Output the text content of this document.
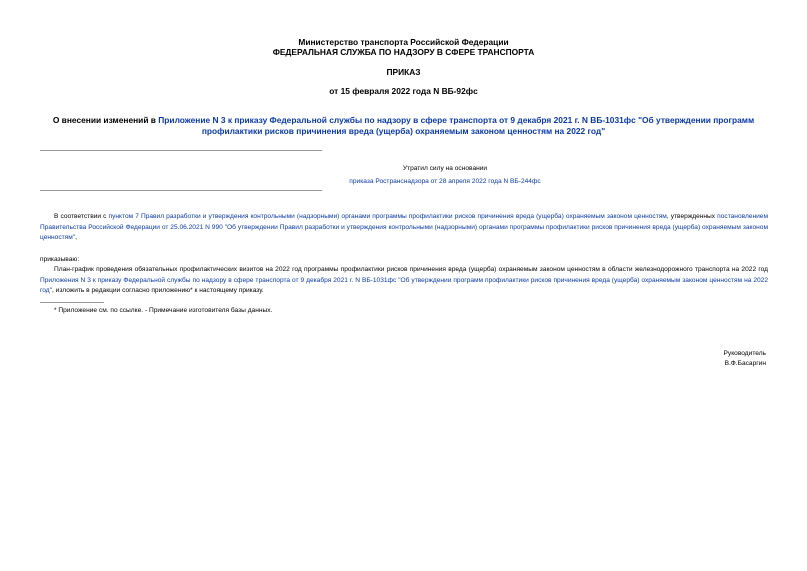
Министерство транспорта Российской Федерации
ФЕДЕРАЛЬНАЯ СЛУЖБА ПО НАДЗОРУ В СФЕРЕ ТРАНСПОРТА
ПРИКАЗ
от 15 февраля 2022 года N ВБ-92фс
О внесении изменений в Приложение N 3 к приказу Федеральной службы по надзору в сфере транспорта от 9 декабря 2021 г. N ВБ-1031фс "Об утверждении программ профилактики рисков причинения вреда (ущерба) охраняемым законом ценностям на 2022 год"
Утратил силу на основании
приказа Ространснадзора от 28 апреля 2022 года N ВБ-244фс
В соответствии с пунктом 7 Правил разработки и утверждения контрольными (надзорными) органами программы профилактики рисков причинения вреда (ущерба) охраняемым законом ценностям, утвержденных постановлением Правительства Российской Федерации от 25.06.2021 N 990 "Об утверждении Правил разработки и утверждения контрольными (надзорными) органами программы профилактики рисков причинения вреда (ущерба) охраняемым законом ценностям",
приказываю:
План-график проведения обязательных профилактических визитов на 2022 год программы профилактики рисков причинения вреда (ущерба) охраняемым законом ценностям в области железнодорожного транспорта на 2022 год Приложения N 3 к приказу Федеральной службы по надзору в сфере транспорта от 9 декабря 2021 г. N ВБ-1031фс "Об утверждении программ профилактики рисков причинения вреда (ущерба) охраняемым законом ценностям на 2022 год", изложить в редакции согласно приложению* к настоящему приказу.
* Приложение см. по ссылке. - Примечание изготовителя базы данных.
Руководитель
В.Ф.Басаргин
